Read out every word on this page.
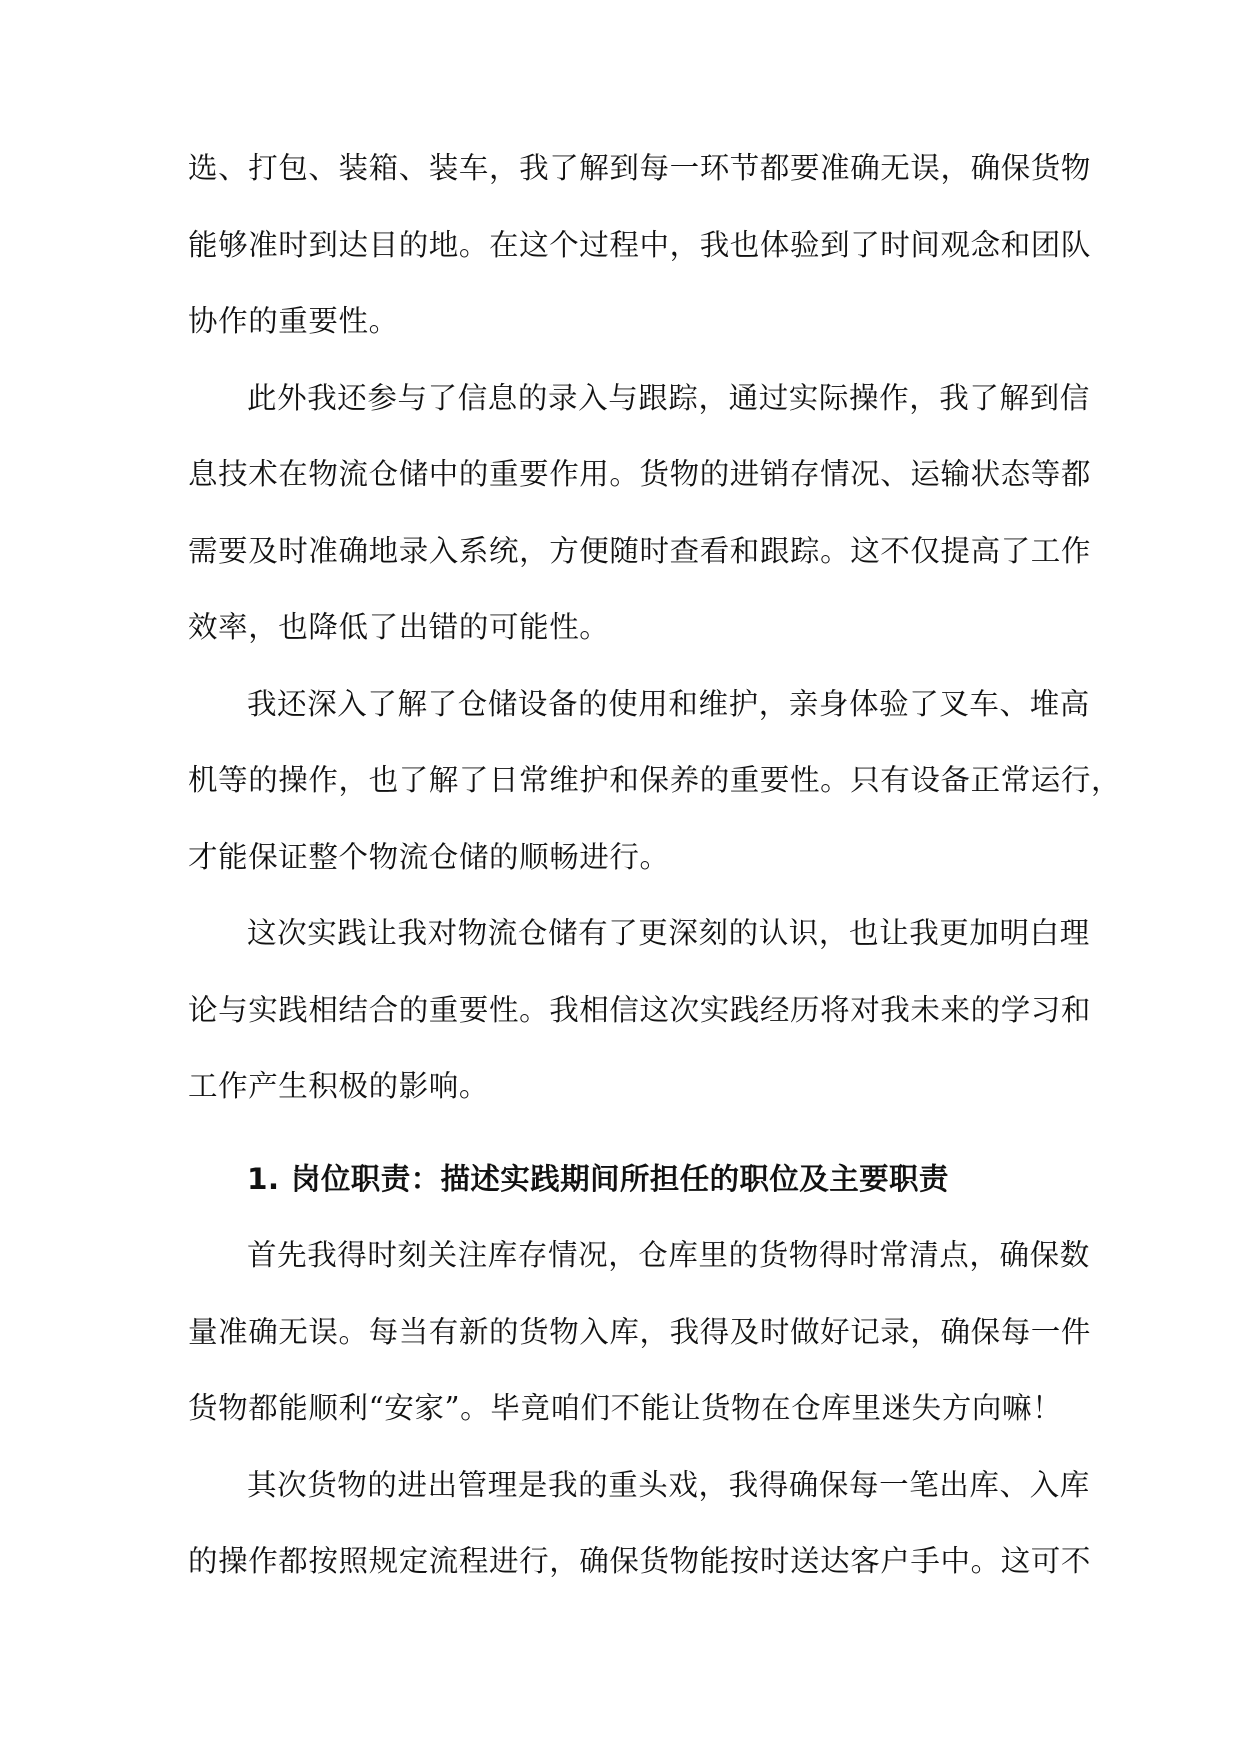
选、打包、装箱、装车，我了解到每一环节都要准确无误，确保货物
能够准时到达目的地。在这个过程中，我也体验到了时间观念和团队
协作的重要性。
此外我还参与了信息的录入与跟踪，通过实际操作，我了解到信
息技术在物流仓储中的重要作用。货物的进销存情况、运输状态等都
需要及时准确地录入系统，方便随时查看和跟踪。这不仅提高了工作
效率，也降低了出错的可能性。
我还深入了解了仓储设备的使用和维护，亲身体验了叉车、堆高
机等的操作，也了解了日常维护和保养的重要性。只有设备正常运行，
才能保证整个物流仓储的顺畅进行。
这次实践让我对物流仓储有了更深刻的认识，也让我更加明白理
论与实践相结合的重要性。我相信这次实践经历将对我未来的学习和
工作产生积极的影响。
1. 岗位职责：描述实践期间所担任的职位及主要职责
首先我得时刻关注库存情况，仓库里的货物得时常清点，确保数
量准确无误。每当有新的货物入库，我得及时做好记录，确保每一件
货物都能顺利“安家”。毕竟咱们不能让货物在仓库里迷失方向嘛！
其次货物的进出管理是我的重头戏，我得确保每一笔出库、入库
的操作都按照规定流程进行，确保货物能按时送达客户手中。这可不
